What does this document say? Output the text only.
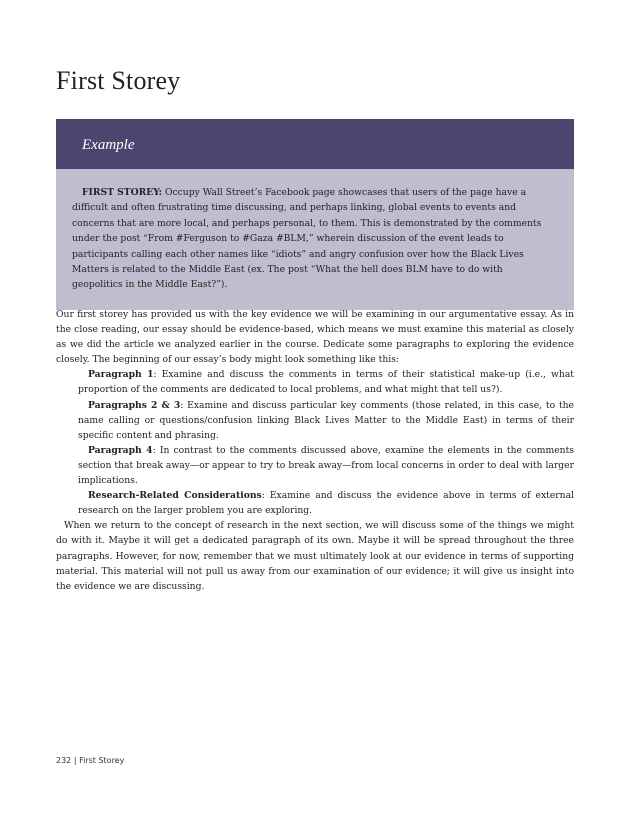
First Storey
Example

FIRST STOREY: Occupy Wall Street’s Facebook page showcases that users of the page have a difficult and often frustrating time discussing, and perhaps linking, global events to events and concerns that are more local, and perhaps personal, to them. This is demonstrated by the comments under the post “From #Ferguson to #Gaza #BLM,” wherein discussion of the event leads to participants calling each other names like “idiots” and angry confusion over how the Black Lives Matters is related to the Middle East (ex. The post “What the hell does BLM have to do with geopolitics in the Middle East?”).

Our first storey has provided us with the key evidence we will be examining in our argumentative essay. As in the close reading, our essay should be evidence-based, which means we must examine this material as closely as we did the article we analyzed earlier in the course. Dedicate some paragraphs to exploring the evidence closely. The beginning of our essay’s body might look something like this:

Paragraph 1: Examine and discuss the comments in terms of their statistical make-up (i.e., what proportion of the comments are dedicated to local problems, and what might that tell us?).

Paragraphs 2 & 3: Examine and discuss particular key comments (those related, in this case, to the name calling or questions/confusion linking Black Lives Matter to the Middle East) in terms of their specific content and phrasing.

Paragraph 4: In contrast to the comments discussed above, examine the elements in the comments section that break away—or appear to try to break away—from local concerns in order to deal with larger implications.

Research-Related Considerations: Examine and discuss the evidence above in terms of external research on the larger problem you are exploring.

When we return to the concept of research in the next section, we will discuss some of the things we might do with it. Maybe it will get a dedicated paragraph of its own. Maybe it will be spread throughout the three paragraphs. However, for now, remember that we must ultimately look at our evidence in terms of supporting material. This material will not pull us away from our examination of our evidence; it will give us insight into the evidence we are discussing.

232 | First Storey
